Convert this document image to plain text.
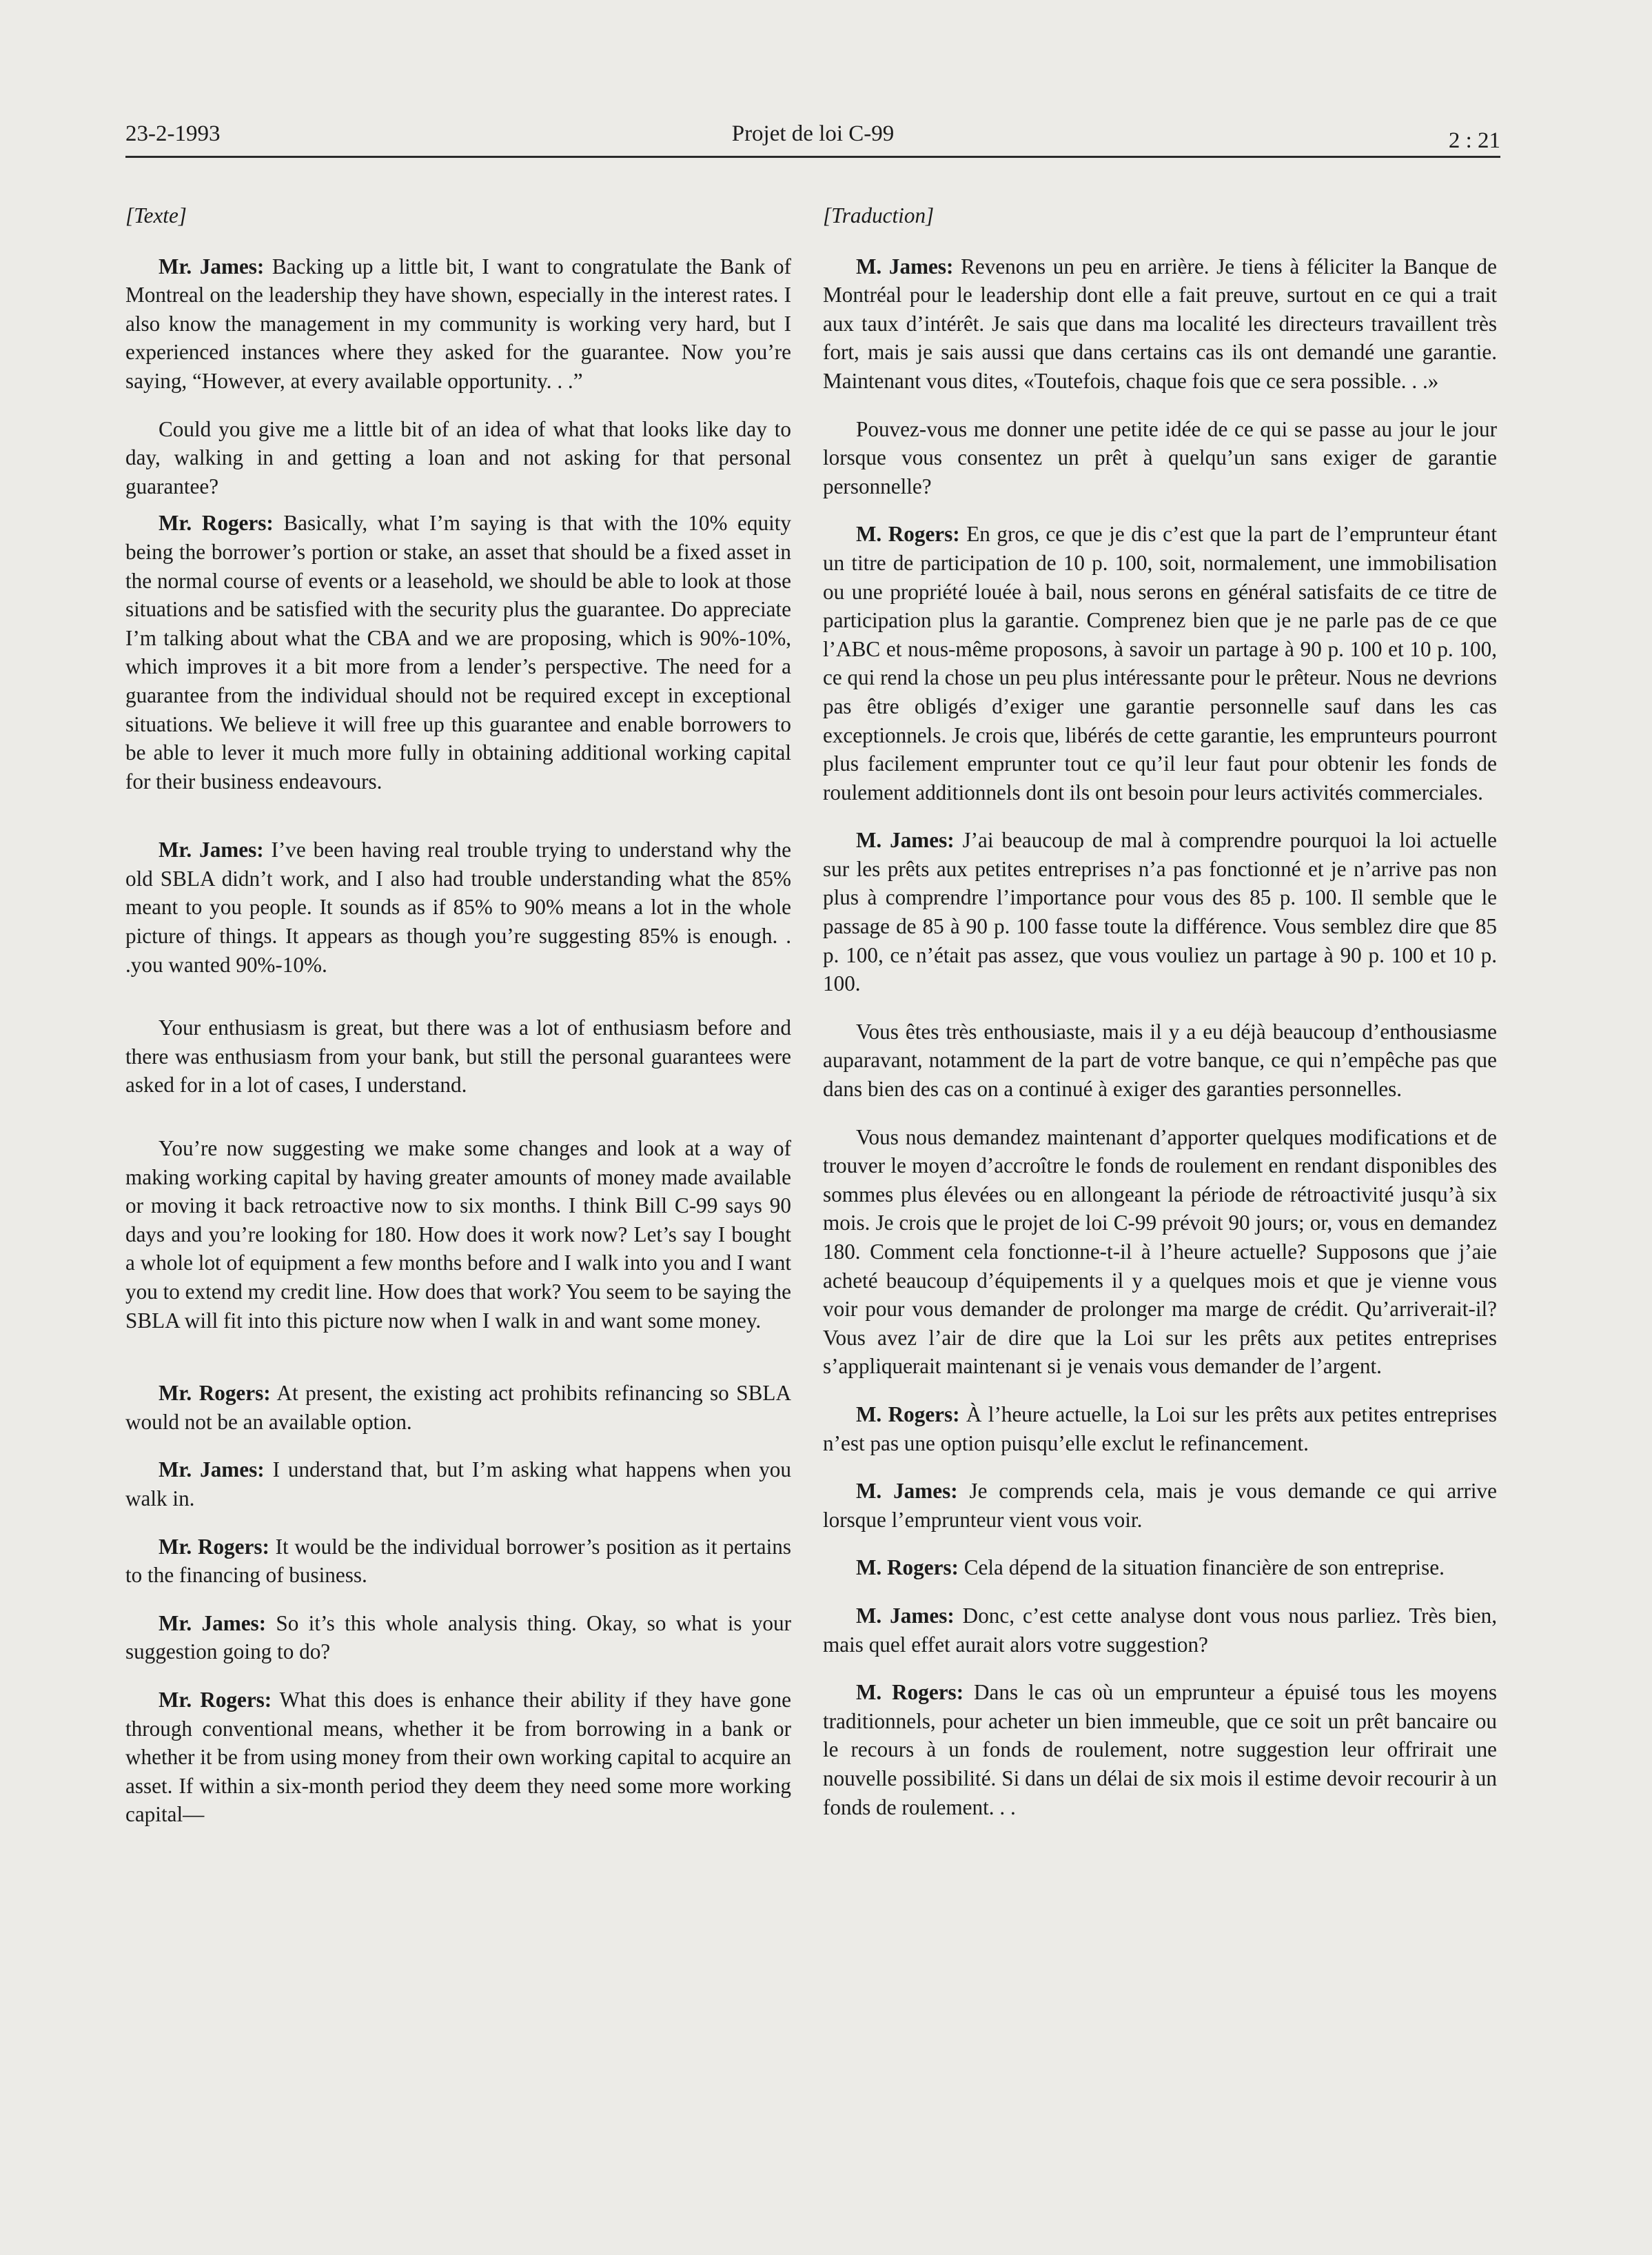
Projet de loi C-99
23-2-1993	2 : 21
[Texte]

Mr. James: Backing up a little bit, I want to congratulate the Bank of Montreal on the leadership they have shown, especially in the interest rates. I also know the management in my community is working very hard, but I experienced instances where they asked for the guarantee. Now you’re saying, “However, at every available opportunity. . .”

Could you give me a little bit of an idea of what that looks like day to day, walking in and getting a loan and not asking for that personal guarantee?

Mr. Rogers: Basically, what I’m saying is that with the 10% equity being the borrower’s portion or stake, an asset that should be a fixed asset in the normal course of events or a leasehold, we should be able to look at those situations and be satisfied with the security plus the guarantee. Do appreciate I’m talking about what the CBA and we are proposing, which is 90%-10%, which improves it a bit more from a lender’s perspective. The need for a guarantee from the individual should not be required except in exceptional situations. We believe it will free up this guarantee and enable borrowers to be able to lever it much more fully in obtaining additional working capital for their business endeavours.

Mr. James: I’ve been having real trouble trying to understand why the old SBLA didn’t work, and I also had trouble understanding what the 85% meant to you people. It sounds as if 85% to 90% means a lot in the whole picture of things. It appears as though you’re suggesting 85% is enough. . .you wanted 90%-10%.

Your enthusiasm is great, but there was a lot of enthusiasm before and there was enthusiasm from your bank, but still the personal guarantees were asked for in a lot of cases, I understand.

You’re now suggesting we make some changes and look at a way of making working capital by having greater amounts of money made available or moving it back retroactive now to six months. I think Bill C-99 says 90 days and you’re looking for 180. How does it work now? Let’s say I bought a whole lot of equipment a few months before and I walk into you and I want you to extend my credit line. How does that work? You seem to be saying the SBLA will fit into this picture now when I walk in and want some money.

Mr. Rogers: At present, the existing act prohibits refinancing so SBLA would not be an available option.

Mr. James: I understand that, but I’m asking what happens when you walk in.

Mr. Rogers: It would be the individual borrower’s position as it pertains to the financing of business.

Mr. James: So it’s this whole analysis thing. Okay, so what is your suggestion going to do?

Mr. Rogers: What this does is enhance their ability if they have gone through conventional means, whether it be from borrowing in a bank or whether it be from using money from their own working capital to acquire an asset. If within a six-month period they deem they need some more working capital—

[Traduction]

M. James: Revenons un peu en arrière. Je tiens à féliciter la Banque de Montréal pour le leadership dont elle a fait preuve, surtout en ce qui a trait aux taux d’intérêt. Je sais que dans ma localité les directeurs travaillent très fort, mais je sais aussi que dans certains cas ils ont demandé une garantie. Maintenant vous dites, «Toutefois, chaque fois que ce sera possible. . .»

Pouvez-vous me donner une petite idée de ce qui se passe au jour le jour lorsque vous consentez un prêt à quelqu’un sans exiger de garantie personnelle?

M. Rogers: En gros, ce que je dis c’est que la part de l’emprunteur étant un titre de participation de 10 p. 100, soit, normalement, une immobilisation ou une propriété louée à bail, nous serons en général satisfaits de ce titre de participation plus la garantie. Comprenez bien que je ne parle pas de ce que l’ABC et nous-même proposons, à savoir un partage à 90 p. 100 et 10 p. 100, ce qui rend la chose un peu plus intéressante pour le prêteur. Nous ne devrions pas être obligés d’exiger une garantie personnelle sauf dans les cas exceptionnels. Je crois que, libérés de cette garantie, les emprunteurs pourront plus facilement emprunter tout ce qu’il leur faut pour obtenir les fonds de roulement additionnels dont ils ont besoin pour leurs activités commerciales.

M. James: J’ai beaucoup de mal à comprendre pourquoi la loi actuelle sur les prêts aux petites entreprises n’a pas fonctionné et je n’arrive pas non plus à comprendre l’importance pour vous des 85 p. 100. Il semble que le passage de 85 à 90 p. 100 fasse toute la différence. Vous semblez dire que 85 p. 100, ce n’était pas assez, que vous vouliez un partage à 90 p. 100 et 10 p. 100.

Vous êtes très enthousiaste, mais il y a eu déjà beaucoup d’enthousiasme auparavant, notamment de la part de votre banque, ce qui n’empêche pas que dans bien des cas on a continué à exiger des garanties personnelles.

Vous nous demandez maintenant d’apporter quelques modifications et de trouver le moyen d’accroître le fonds de roulement en rendant disponibles des sommes plus élevées ou en allongeant la période de rétroactivité jusqu’à six mois. Je crois que le projet de loi C-99 prévoit 90 jours; or, vous en demandez 180. Comment cela fonctionne-t-il à l’heure actuelle? Supposons que j’aie acheté beaucoup d’équipements il y a quelques mois et que je vienne vous voir pour vous demander de prolonger ma marge de crédit. Qu’arriverait-il? Vous avez l’air de dire que la Loi sur les prêts aux petites entreprises s’appliquerait maintenant si je venais vous demander de l’argent.

M. Rogers: À l’heure actuelle, la Loi sur les prêts aux petites entreprises n’est pas une option puisqu’elle exclut le refinancement.

M. James: Je comprends cela, mais je vous demande ce qui arrive lorsque l’emprunteur vient vous voir.

M. Rogers: Cela dépend de la situation financière de son entreprise.

M. James: Donc, c’est cette analyse dont vous nous parliez. Très bien, mais quel effet aurait alors votre suggestion?

M. Rogers: Dans le cas où un emprunteur a épuisé tous les moyens traditionnels, pour acheter un bien immeuble, que ce soit un prêt bancaire ou le recours à un fonds de roulement, notre suggestion leur offrirait une nouvelle possibilité. Si dans un délai de six mois il estime devoir recourir à un fonds de roulement. . .
